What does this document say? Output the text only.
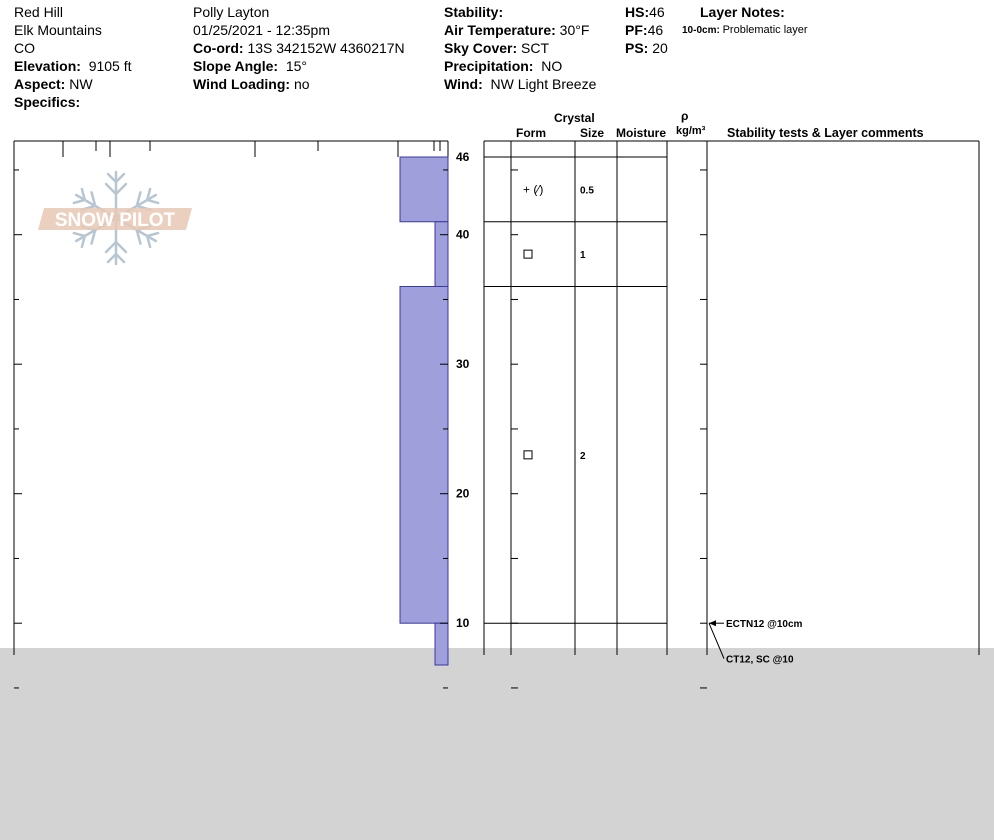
Red Hill
Elk Mountains
CO
Elevation: 9105 ft
Aspect: NW
Specifics:
Polly Layton
01/25/2021 - 12:35pm
Co-ord: 13S 342152W 4360217N
Slope Angle: 15°
Wind Loading: no
Stability:
Air Temperature: 30°F
Sky Cover: SCT
Precipitation: NO
Wind: NW Light Breeze
HS:46
PF:46
PS: 20
Layer Notes:
10-0cm: Problematic layer
Crystal
Form	Size Moisture
ρ
kg/m³ Stability tests & Layer comments
SNOW PILOT
10
20
30
40
46
+ (⁄)	0.5
1
2
ECTN12 @10cm
CT12, SC @10
